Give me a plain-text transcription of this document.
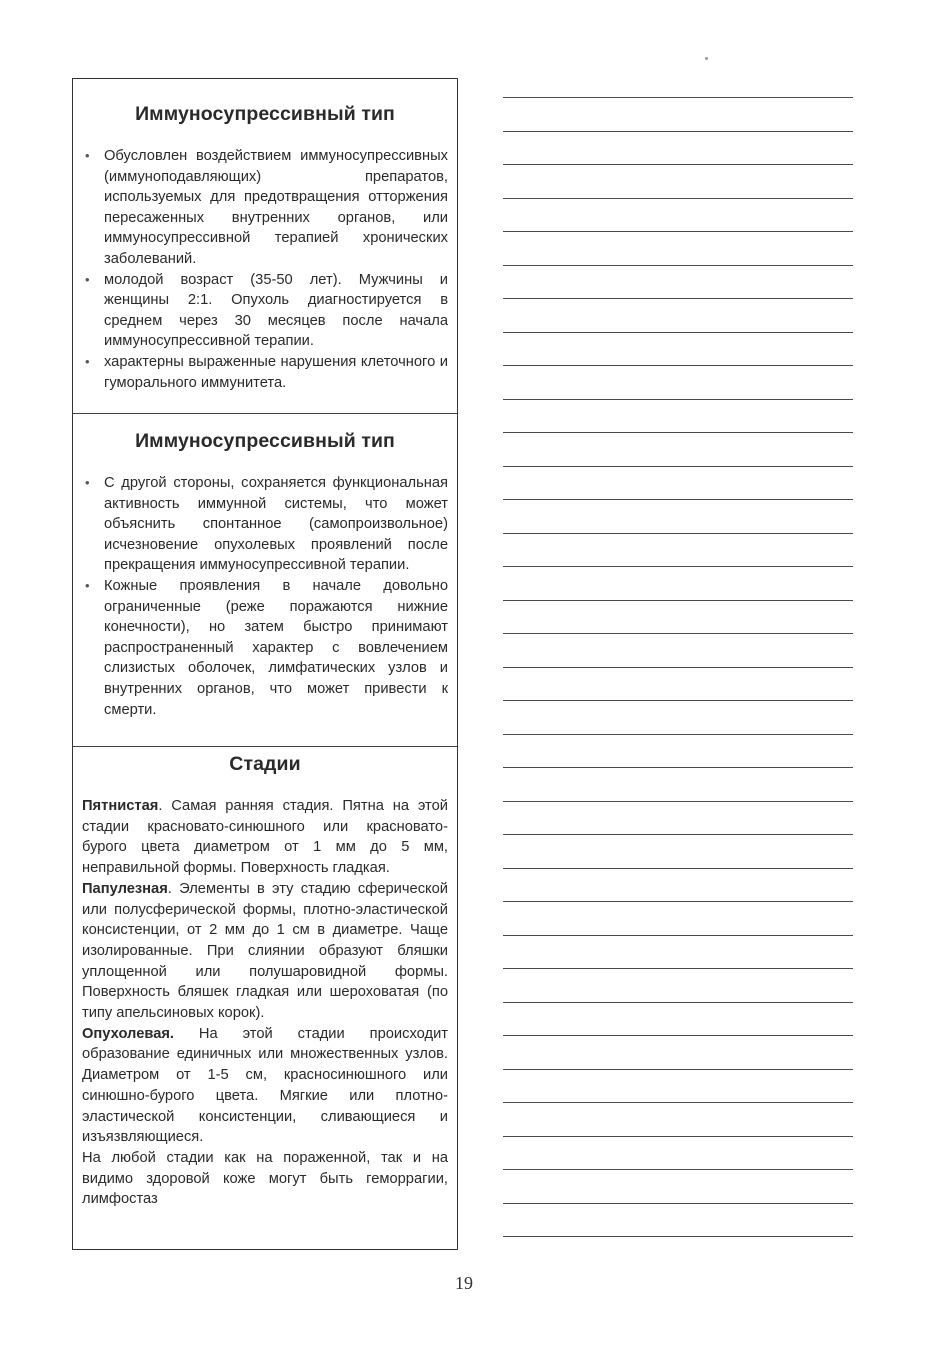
Иммуносупрессивный тип
• Обусловлен воздействием иммуносупрессивных (иммуноподавляющих) препаратов, используемых для предотвращения отторжения пересаженных внутренних органов, или иммуносупрессивной терапией хронических заболеваний.
• молодой возраст (35-50 лет). Мужчины и женщины 2:1. Опухоль диагностируется в среднем через 30 месяцев после начала иммуносупрессивной терапии.
• характерны выраженные нарушения клеточного и гуморального иммунитета.
Иммуносупрессивный тип
• С другой стороны, сохраняется функциональная активность иммунной системы, что может объяснить спонтанное (самопроизвольное) исчезновение опухолевых проявлений после прекращения иммуносупрессивной терапии.
• Кожные проявления в начале довольно ограниченные (реже поражаются нижние конечности), но затем быстро принимают распространенный характер с вовлечением слизистых оболочек, лимфатических узлов и внутренних органов, что может привести к смерти.
Стадии

Пятнистая. Самая ранняя стадия. Пятна на этой стадии красновато-синюшного или красновато-бурого цвета диаметром от 1 мм до 5 мм, неправильной формы. Поверхность гладкая.

Папулезная. Элементы в эту стадию сферической или полусферической формы, плотно-эластической консистенции, от 2 мм до 1 см в диаметре. Чаще изолированные. При слиянии образуют бляшки уплощенной или полушаровидной формы. Поверхность бляшек гладкая или шероховатая (по типу апельсиновых корок).

Опухолевая. На этой стадии происходит образование единичных или множественных узлов. Диаметром от 1-5 см, красносинюшного или синюшно-бурого цвета. Мягкие или плотно-эластической консистенции, сливающиеся и изъязвляющиеся.

На любой стадии как на пораженной, так и на видимо здоровой коже могут быть геморрагии, лимфостаз

19
